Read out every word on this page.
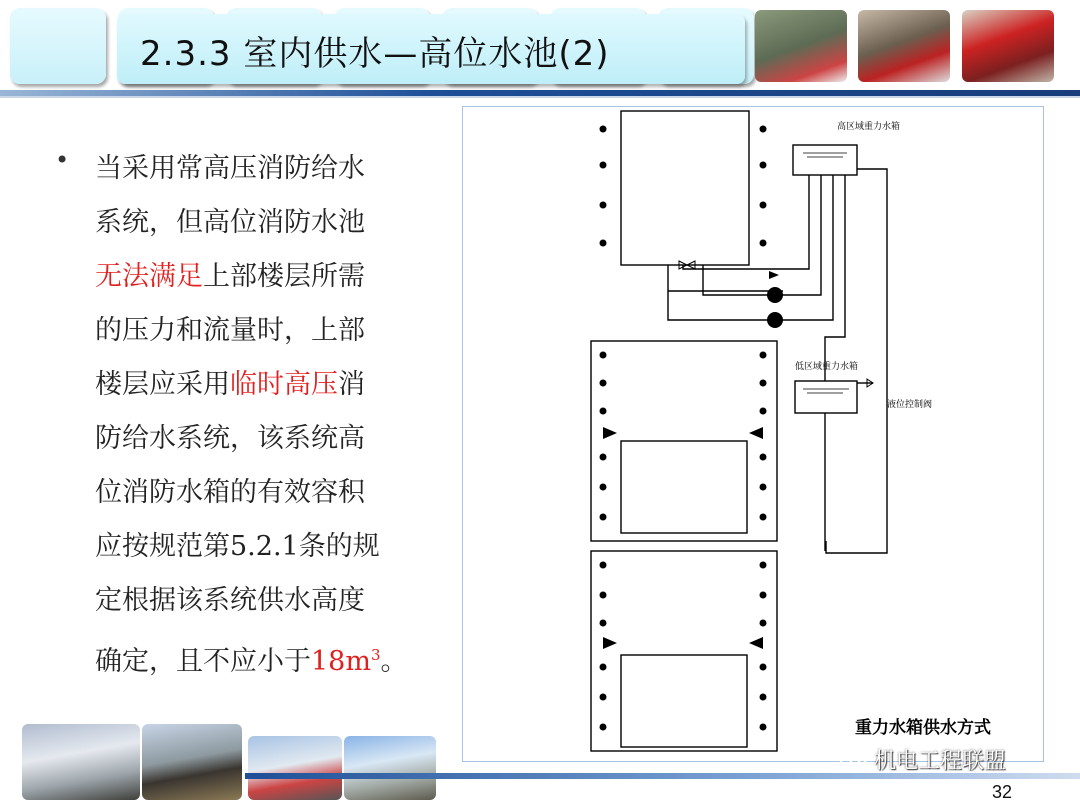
2.3.3 室内供水—高位水池(2)
• 当采用常高压消防给水
系统，但高位消防水池
无法满足上部楼层所需
的压力和流量时，上部
楼层应采用临时高压消
防给水系统，该系统高
位消防水箱的有效容积
应按规范第5.2.1条的规
定根据该系统供水高度
确定，且不应小于$18m^3$。
高区域重力水箱
低区域重力水箱
液位控制阀
重力水箱供水方式
机电工程联盟
32
